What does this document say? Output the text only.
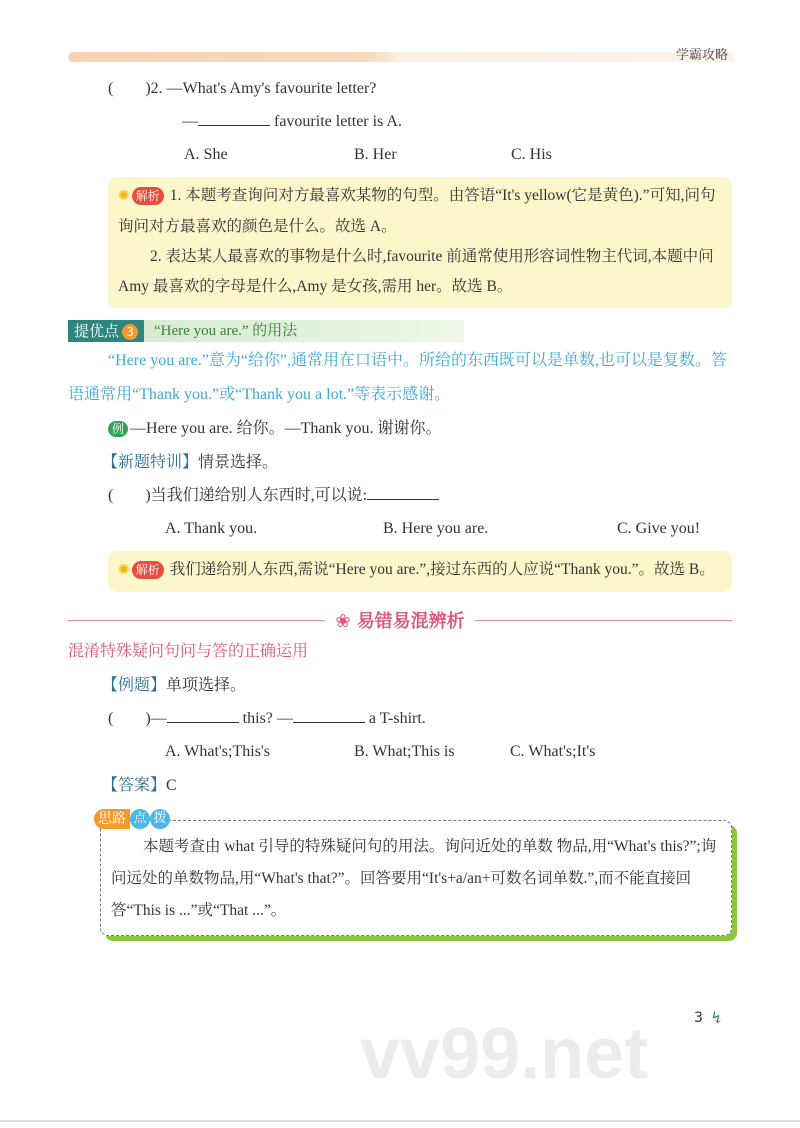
学霸攻略
vv99.net
(　　)2. —What's Amy's favourite letter?
—	favourite letter is A.
A. She	B. Her	C. His
✺ 解析 1. 本题考查询问对方最喜欢某物的句型。由答语“It's yellow(它是黄色).”可知,问句询问对方最喜欢的颜色是什么。故选 A。
2. 表达某人最喜欢的事物是什么时,favourite 前通常使用形容词性物主代词,本题中问 Amy 最喜欢的字母是什么,Amy 是女孩,需用 her。故选 B。
提优点 3	“Here you are.” 的用法
“Here you are.”意为“给你”,通常用在口语中。所给的东西既可以是单数,也可以是复数。答语通常用“Thank you.”或“Thank you a lot.”等表示感谢。
例 —Here you are. 给你。—Thank you. 谢谢你。
【新题特训】情景选择。
(　　)当我们递给别人东西时,可以说:
A. Thank you.	B. Here you are.	C. Give you!
✺ 解析 我们递给别人东西,需说“Here you are.”,接过东西的人应说“Thank you.”。故选 B。
❀ 易错易混辨析
混淆特殊疑问句问与答的正确运用
【例题】单项选择。
(　　)—	this? —	a T-shirt.
A. What's;This's	B. What;This is	C. What's;It's
【答案】C
本题考查由 what 引导的特殊疑问句的用法。询问近处的单数 物品,用“What's this?”;询问远处的单数物品,用“What's that?”。回答要用“It's+a/an+可数名词单数.”,而不能直接回答“This is ...”或“That ...”。
思路 点 拨
3 ↯
